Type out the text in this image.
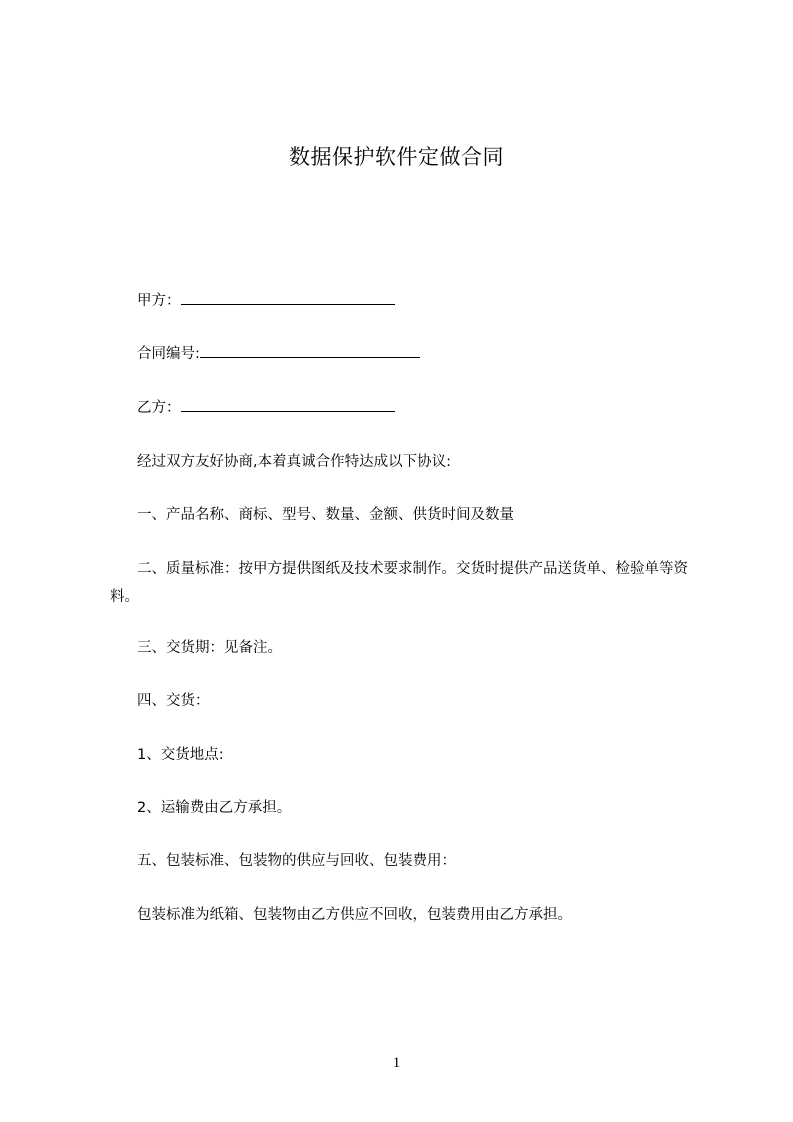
数据保护软件定做合同
甲方：
合同编号:
乙方：
经过双方友好协商,本着真诚合作特达成以下协议:
一、产品名称、商标、型号、数量、金额、供货时间及数量
二、质量标准：按甲方提供图纸及技术要求制作。交货时提供产品送货单、检验单等资料。
三、交货期：见备注。
四、交货：
1、交货地点:
2、运输费由乙方承担。
五、包装标准、包装物的供应与回收、包装费用：
包装标准为纸箱、包装物由乙方供应不回收，包装费用由乙方承担。
1
